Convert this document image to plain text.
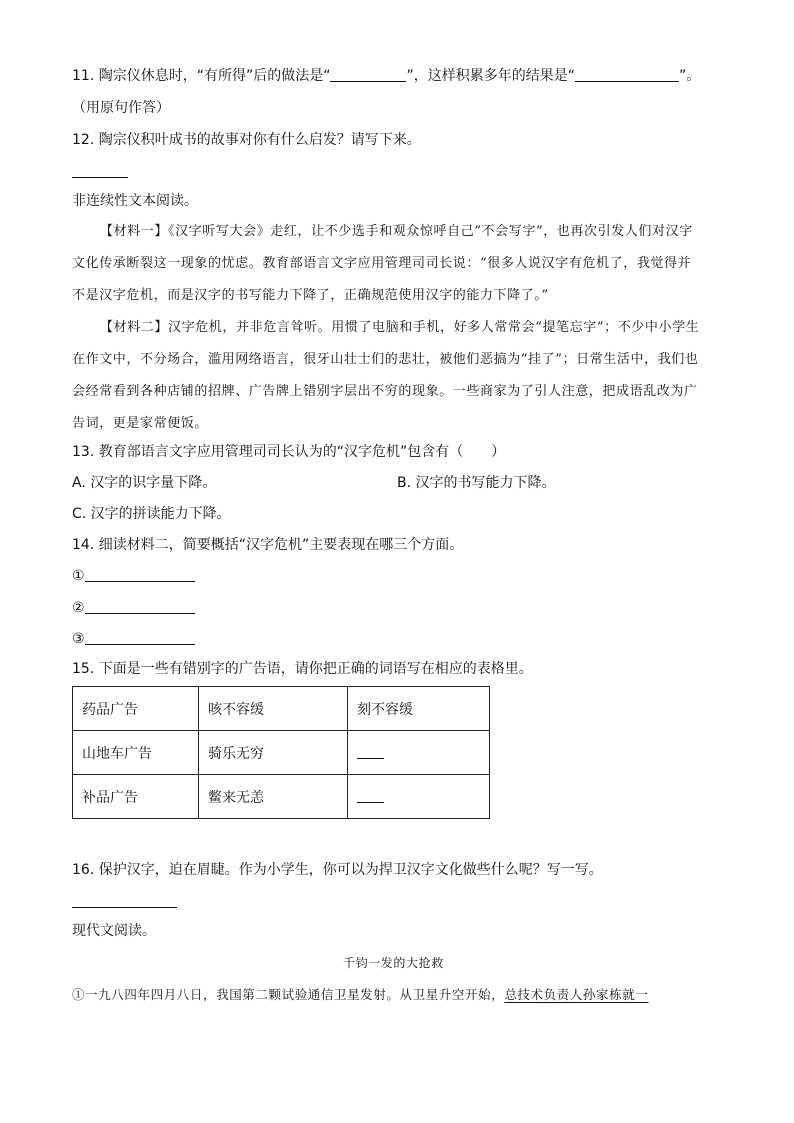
11. 陶宗仪休息时，“有所得”后的做法是“	”，这样积累多年的结果是“	”。
（用原句作答）
12. 陶宗仪积叶成书的故事对你有什么启发？请写下来。
非连续性文本阅读。
【材料一】《汉字听写大会》走红，让不少选手和观众惊呼自己“不会写字”，也再次引发人们对汉字
文化传承断裂这一现象的忧虑。教育部语言文字应用管理司司长说：“很多人说汉字有危机了，我觉得并
不是汉字危机，而是汉字的书写能力下降了，正确规范使用汉字的能力下降了。”
【材料二】汉字危机，并非危言耸听。用惯了电脑和手机，好多人常常会“提笔忘字”；不少中小学生
在作文中，不分场合，滥用网络语言，很牙山壮士们的悲壮，被他们恶搞为“挂了”；日常生活中，我们也
会经常看到各种店铺的招牌、广告牌上错别字层出不穷的现象。一些商家为了引人注意，把成语乱改为广
告词，更是家常便饭。
13. 教育部语言文字应用管理司司长认为的“汉字危机”包含有（　　）
A. 汉字的识字量下降。	B. 汉字的书写能力下降。
C. 汉字的拼读能力下降。
14. 细读材料二，简要概括“汉字危机”主要表现在哪三个方面。
①
②
③
15. 下面是一些有错别字的广告语，请你把正确的词语写在相应的表格里。
药品广告	咳不容缓	刻不容缓
山地车广告	骑乐无穷	
补品广告	鳖来无恙	
16. 保护汉字，迫在眉睫。作为小学生，你可以为捍卫汉字文化做些什么呢？写一写。
现代文阅读。
千钧一发的大抢救
①一九八四年四月八日，我国第二颗试验通信卫星发射。从卫星升空开始，总技术负责人孙家栋就一
